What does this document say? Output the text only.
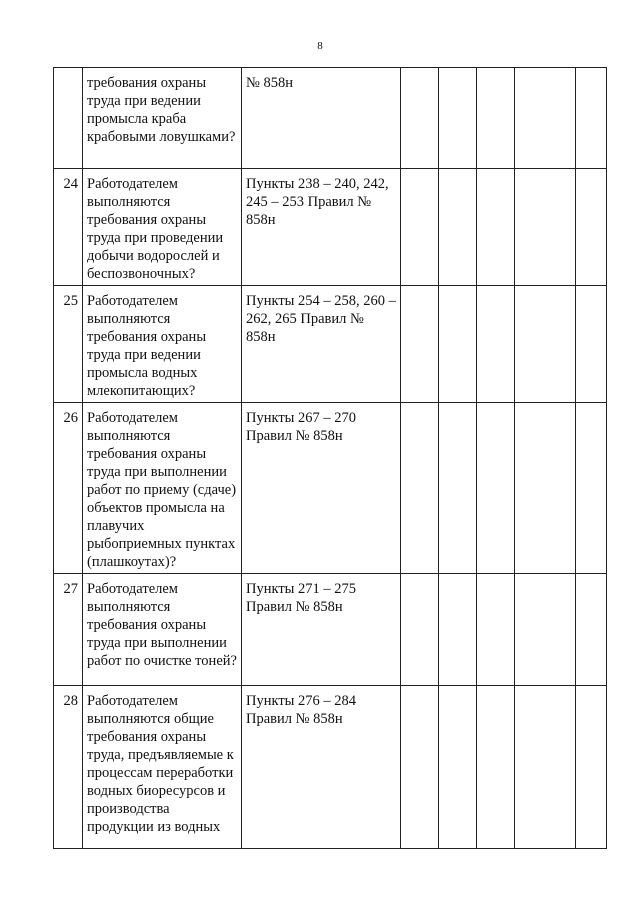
8
	требования охраны труда при ведении промысла краба крабовыми ловушками?	№ 858н					
24	Работодателем выполняются требования охраны труда при проведении добычи водорослей и беспозвоночных?	Пункты 238 – 240, 242, 245 – 253 Правил № 858н					
25	Работодателем выполняются требования охраны труда при ведении промысла водных млекопитающих?	Пункты 254 – 258, 260 – 262, 265 Правил № 858н					
26	Работодателем выполняются требования охраны труда при выполнении работ по приему (сдаче) объектов промысла на плавучих рыбоприемных пунктах (плашкоутах)?	Пункты 267 – 270 Правил № 858н					
27	Работодателем выполняются требования охраны труда при выполнении работ по очистке тоней?	Пункты 271 – 275 Правил № 858н					
28	Работодателем выполняются общие требования охраны труда, предъявляемые к процессам переработки водных биоресурсов и производства продукции из водных	Пункты 276 – 284 Правил № 858н					
